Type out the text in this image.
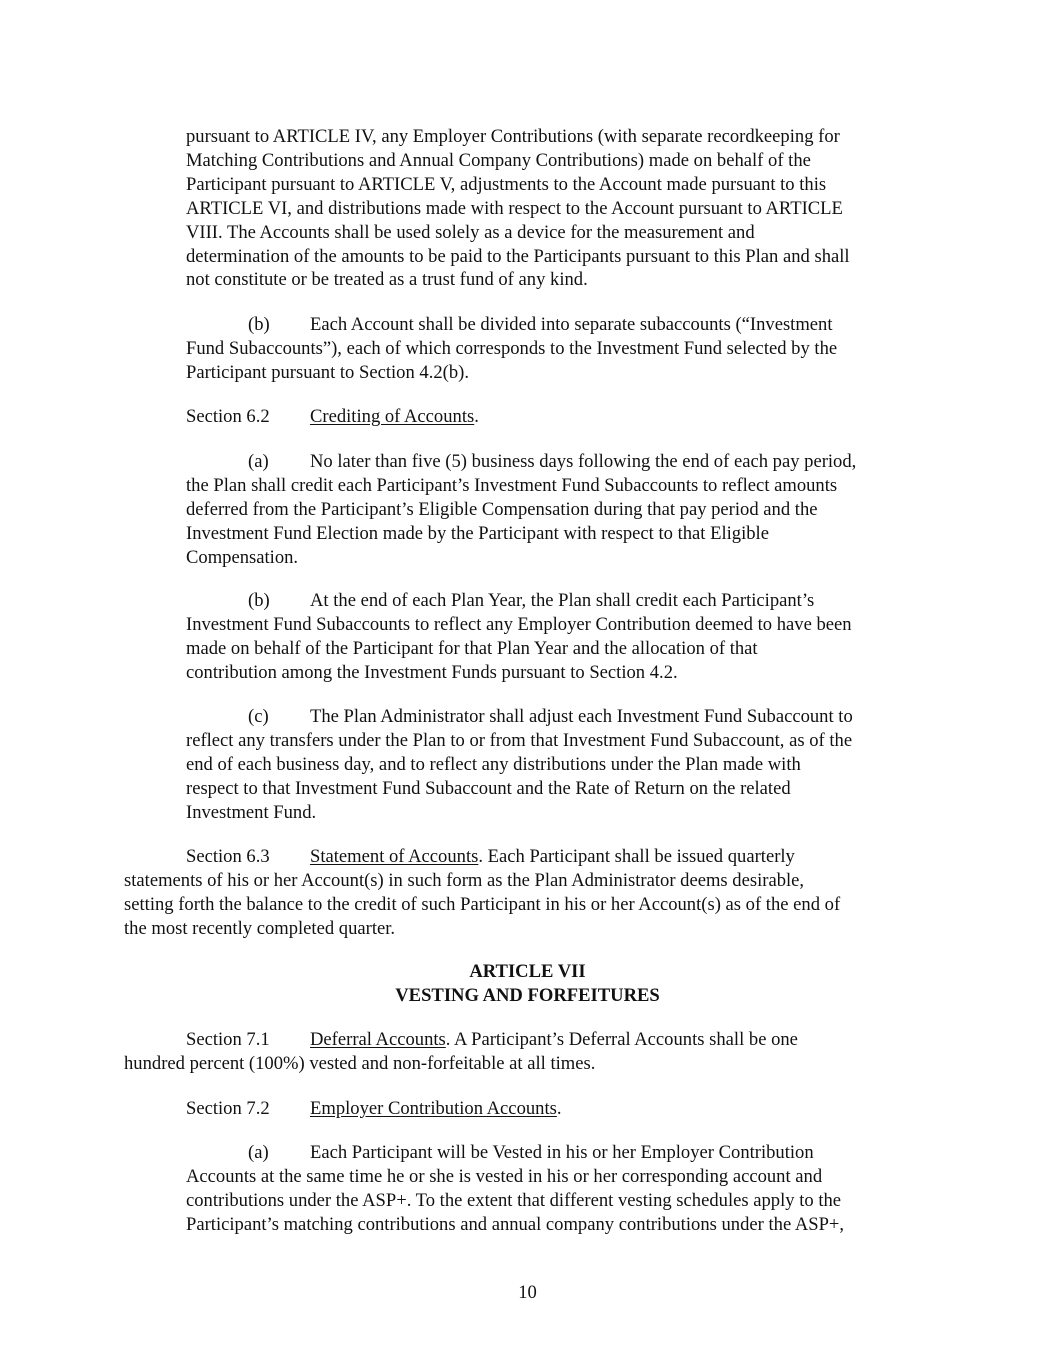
pursuant to ARTICLE IV, any Employer Contributions (with separate recordkeeping for
Matching Contributions and Annual Company Contributions) made on behalf of the
Participant pursuant to ARTICLE V, adjustments to the Account made pursuant to this
ARTICLE VI, and distributions made with respect to the Account pursuant to ARTICLE
VIII. The Accounts shall be used solely as a device for the measurement and
determination of the amounts to be paid to the Participants pursuant to this Plan and shall
not constitute or be treated as a trust fund of any kind.
(b) Each Account shall be divided into separate subaccounts (“Investment
Fund Subaccounts”), each of which corresponds to the Investment Fund selected by the
Participant pursuant to Section 4.2(b).
Section 6.2 Crediting of Accounts.
(a) No later than five (5) business days following the end of each pay period,
the Plan shall credit each Participant’s Investment Fund Subaccounts to reflect amounts
deferred from the Participant’s Eligible Compensation during that pay period and the
Investment Fund Election made by the Participant with respect to that Eligible
Compensation.
(b) At the end of each Plan Year, the Plan shall credit each Participant’s
Investment Fund Subaccounts to reflect any Employer Contribution deemed to have been
made on behalf of the Participant for that Plan Year and the allocation of that
contribution among the Investment Funds pursuant to Section 4.2.
(c) The Plan Administrator shall adjust each Investment Fund Subaccount to
reflect any transfers under the Plan to or from that Investment Fund Subaccount, as of the
end of each business day, and to reflect any distributions under the Plan made with
respect to that Investment Fund Subaccount and the Rate of Return on the related
Investment Fund.
Section 6.3 Statement of Accounts. Each Participant shall be issued quarterly
statements of his or her Account(s) in such form as the Plan Administrator deems desirable,
setting forth the balance to the credit of such Participant in his or her Account(s) as of the end of
the most recently completed quarter.
ARTICLE VII
VESTING AND FORFEITURES
Section 7.1 Deferral Accounts. A Participant’s Deferral Accounts shall be one
hundred percent (100%) vested and non-forfeitable at all times.
Section 7.2 Employer Contribution Accounts.
(a) Each Participant will be Vested in his or her Employer Contribution
Accounts at the same time he or she is vested in his or her corresponding account and
contributions under the ASP+. To the extent that different vesting schedules apply to the
Participant’s matching contributions and annual company contributions under the ASP+,
10
